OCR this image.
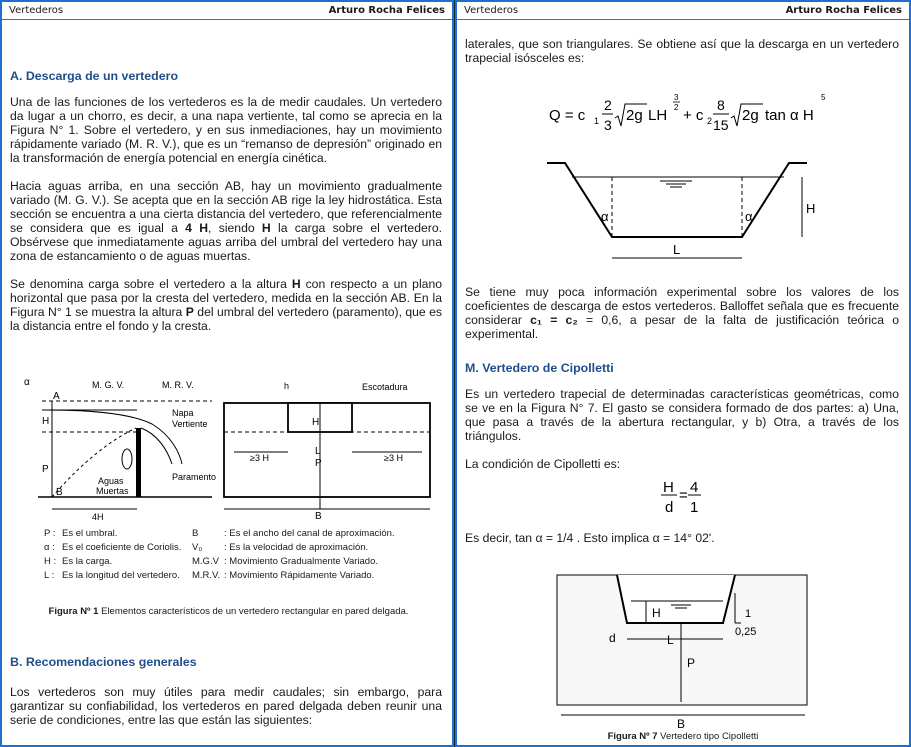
Vertederos	Arturo Rocha Felices
A. Descarga de un vertedero

Una de las funciones de los vertederos es la de medir caudales. Un vertedero da lugar a un chorro, es decir, a una napa vertiente, tal como se aprecia en la Figura N° 1. Sobre el vertedero, y en sus inmediaciones, hay un movimiento rápidamente variado (M. R. V.), que es un “remanso de depresión” originado en la transformación de energía potencial en energía cinética.

Hacia aguas arriba, en una sección AB, hay un movimiento gradualmente variado (M. G. V.). Se acepta que en la sección AB rige la ley hidrostática. Esta sección se encuentra a una cierta distancia del vertedero, que referencialmente se considera que es igual a 4 H, siendo H la carga sobre el vertedero. Obsérvese que inmediatamente aguas arriba del umbral del vertedero hay una zona de estancamiento o de aguas muertas.

Se denomina carga sobre el vertedero a la altura H con respecto a un plano horizontal que pasa por la cresta del vertedero, medida en la sección AB. En la Figura N° 1 se muestra la altura P del umbral del vertedero (paramento), que es la distancia entre el fondo y la cresta.

α	M. G. V.	M. R. V.
Napa
Vertiente
A
H
P
B
Aguas
Muertas
Paramento
4H
h	Escotadura
H
L
P
≥3 H	≥3 H
B
P : Es el umbral.	B	: Es el ancho del canal de aproximación.
α : Es el coeficiente de Coriolis.	V₀	: Es la velocidad de aproximación.
H : Es la carga.	M.G.V : Movimiento Gradualmente Variado.
L : Es la longitud del vertedero.	M.R.V. : Movimiento Rápidamente Variado.
Figura Nº 1 Elementos característicos de un vertedero rectangular en pared delgada.
B. Recomendaciones generales

Los vertederos son muy útiles para medir caudales; sin embargo, para garantizar su confiabilidad, los vertederos en pared delgada deben reunir una serie de condiciones, entre las que están las siguientes:

Vertederos	Arturo Rocha Felices
laterales, que son triangulares. Se obtiene así que la descarga en un vertedero trapecial isósceles es:
Q = c 1
2
3
2g LH
3
2 + c 2
8
15
2g tan α H
5
α	α
H
L

Se tiene muy poca información experimental sobre los valores de los coeficientes de descarga de estos vertederos. Balloffet señala que es frecuente considerar c₁ = c₂ = 0,6, a pesar de la falta de justificación teórica o experimental.

M. Vertedero de Cipolletti

Es un vertedero trapecial de determinadas características geométricas, como se ve en la Figura N° 7. El gasto se considera formado de dos partes: a) Una, que pasa a través de la abertura rectangular, y b) Otra, a través de los triángulos.

La condición de Cipolletti es:

H
d
= 4
1
Es decir, tan α = 1/4 . Esto implica α = 14° 02'.
H
d	L
P
B
1
0,25
Figura Nº 7 Vertedero tipo Cipolletti
